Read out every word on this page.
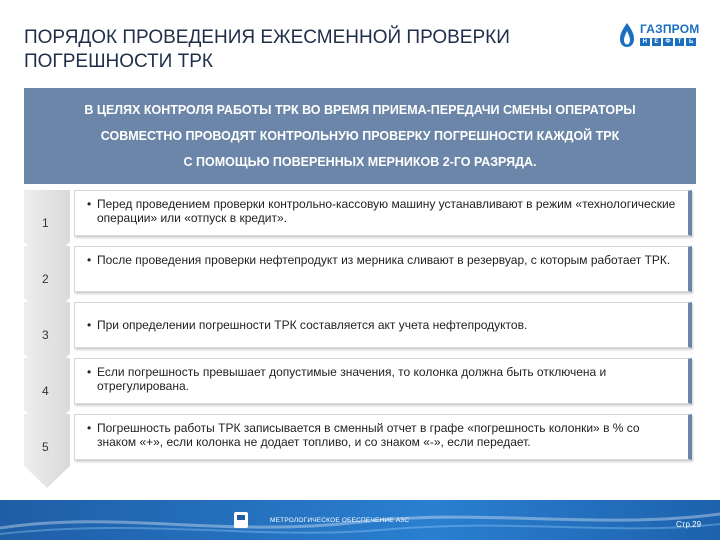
ПОРЯДОК ПРОВЕДЕНИЯ ЕЖЕСМЕННОЙ ПРОВЕРКИ
ПОГРЕШНОСТИ ТРК
ГАЗПРОМ
Н	Е	Ф	Т	Ь
В ЦЕЛЯХ КОНТРОЛЯ РАБОТЫ ТРК ВО ВРЕМЯ ПРИЕМА-ПЕРЕДАЧИ СМЕНЫ ОПЕРАТОРЫ
СОВМЕСТНО ПРОВОДЯТ КОНТРОЛЬНУЮ ПРОВЕРКУ ПОГРЕШНОСТИ КАЖДОЙ ТРК
С ПОМОЩЬЮ ПОВЕРЕННЫХ МЕРНИКОВ 2-ГО РАЗРЯДА.
1
• Перед проведением проверки контрольно-кассовую машину устанавливают в режим «технологические операции» или «отпуск в кредит».
2
• После проведения проверки нефтепродукт из мерника сливают в резервуар, с которым работает ТРК.
3
• При определении погрешности ТРК составляется акт учета нефтепродуктов.
4
• Если погрешность превышает допустимые значения, то колонка должна быть отключена и отрегулирована.
5
• Погрешность работы ТРК записывается в сменный отчет в графе «погрешность колонки» в % со знаком «+», если колонка не додает топливо, и со знаком «-», если передает.
МЕТРОЛОГИЧЕСКОЕ ОБЕСПЕЧЕНИЕ АЗС	Стр.29
